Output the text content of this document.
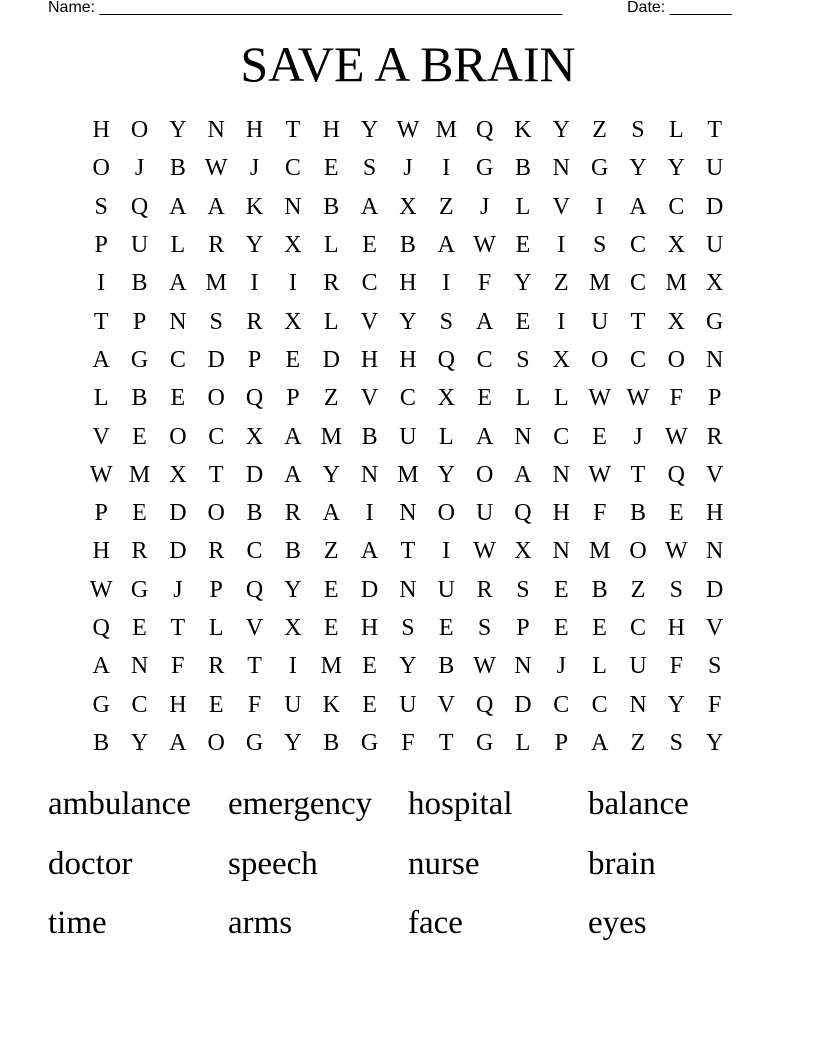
Name: ____________________________________________________	Date: _______
SAVE A BRAIN
H O Y N H T H Y W M Q K Y Z	S	L T
O	J	B W J	C E	S	J	I	G B N G Y Y U
S Q A A K N B A X Z	J	L V	I	A C D
P U L R Y X L E B A W E	I	S C X U
I	B A M I	I	R C H	I	F Y Z M C M X
T	P N S R X L V Y S A E	I	U T X G
A G C D P	E D H H Q C S X O C O N
L B E O Q P	Z V C X E L L W W F	P
V E O C X A M B U L A N C E	J W R
W M X T D A Y N M Y O A N W T Q V
P	E D O B R A	I	N O U Q H F B E H
H R D R C B Z A T	I W X N M O W N
W G	J	P Q Y E D N U R S	E B Z	S D
Q E T L V X E H S	E	S	P	E E C H V
A N F R T	I M E Y B W N	J	L U F	S
G C H E	F U K E U V Q D C C N Y F
B Y A O G Y B G F	T G L	P A Z	S Y
ambulance	emergency	hospital	balance
doctor	speech	nurse	brain
time	arms	face	eyes
